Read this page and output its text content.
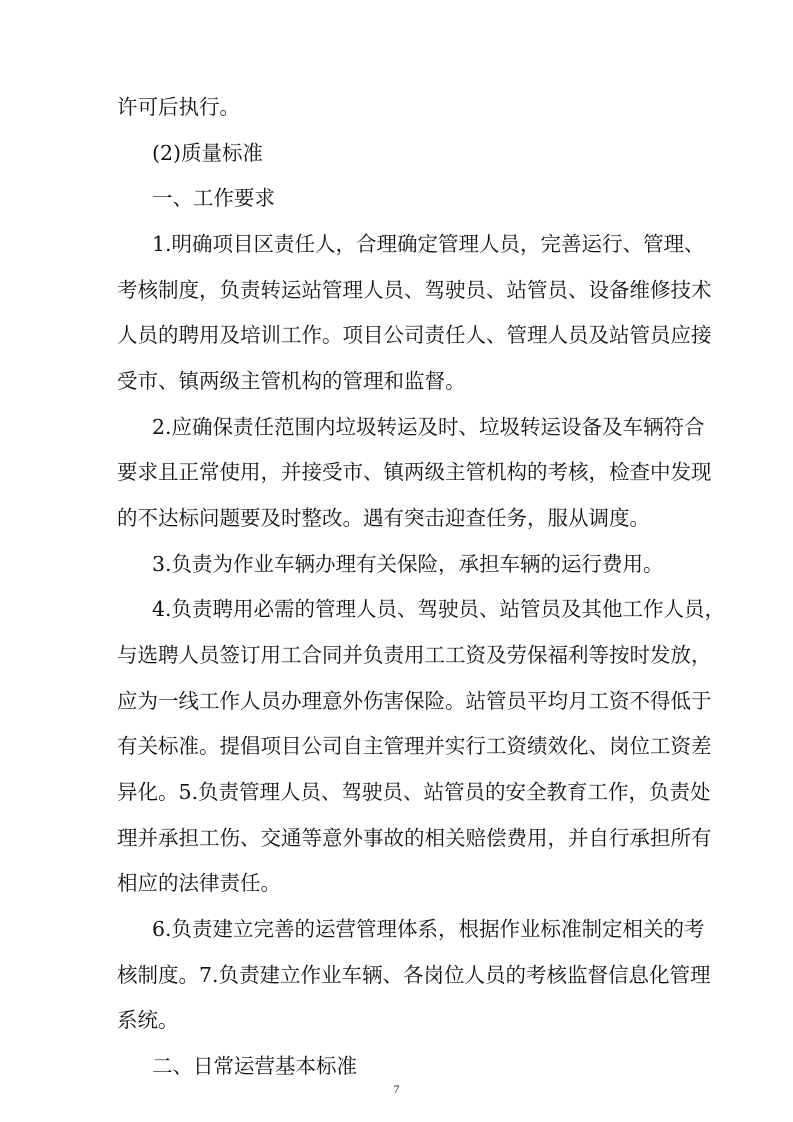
许可后执行。
(2)质量标准
一、工作要求
1.明确项目区责任人，合理确定管理人员，完善运行、管理、
考核制度，负责转运站管理人员、驾驶员、站管员、设备维修技术
人员的聘用及培训工作。项目公司责任人、管理人员及站管员应接
受市、镇两级主管机构的管理和监督。
2.应确保责任范围内垃圾转运及时、垃圾转运设备及车辆符合
要求且正常使用，并接受市、镇两级主管机构的考核，检查中发现
的不达标问题要及时整改。遇有突击迎查任务，服从调度。
3.负责为作业车辆办理有关保险，承担车辆的运行费用。
4.负责聘用必需的管理人员、驾驶员、站管员及其他工作人员，
与选聘人员签订用工合同并负责用工工资及劳保福利等按时发放，
应为一线工作人员办理意外伤害保险。站管员平均月工资不得低于
有关标准。提倡项目公司自主管理并实行工资绩效化、岗位工资差
异化。5.负责管理人员、驾驶员、站管员的安全教育工作，负责处
理并承担工伤、交通等意外事故的相关赔偿费用，并自行承担所有
相应的法律责任。
6.负责建立完善的运营管理体系，根据作业标准制定相关的考
核制度。7.负责建立作业车辆、各岗位人员的考核监督信息化管理
系统。
二、日常运营基本标准
7
